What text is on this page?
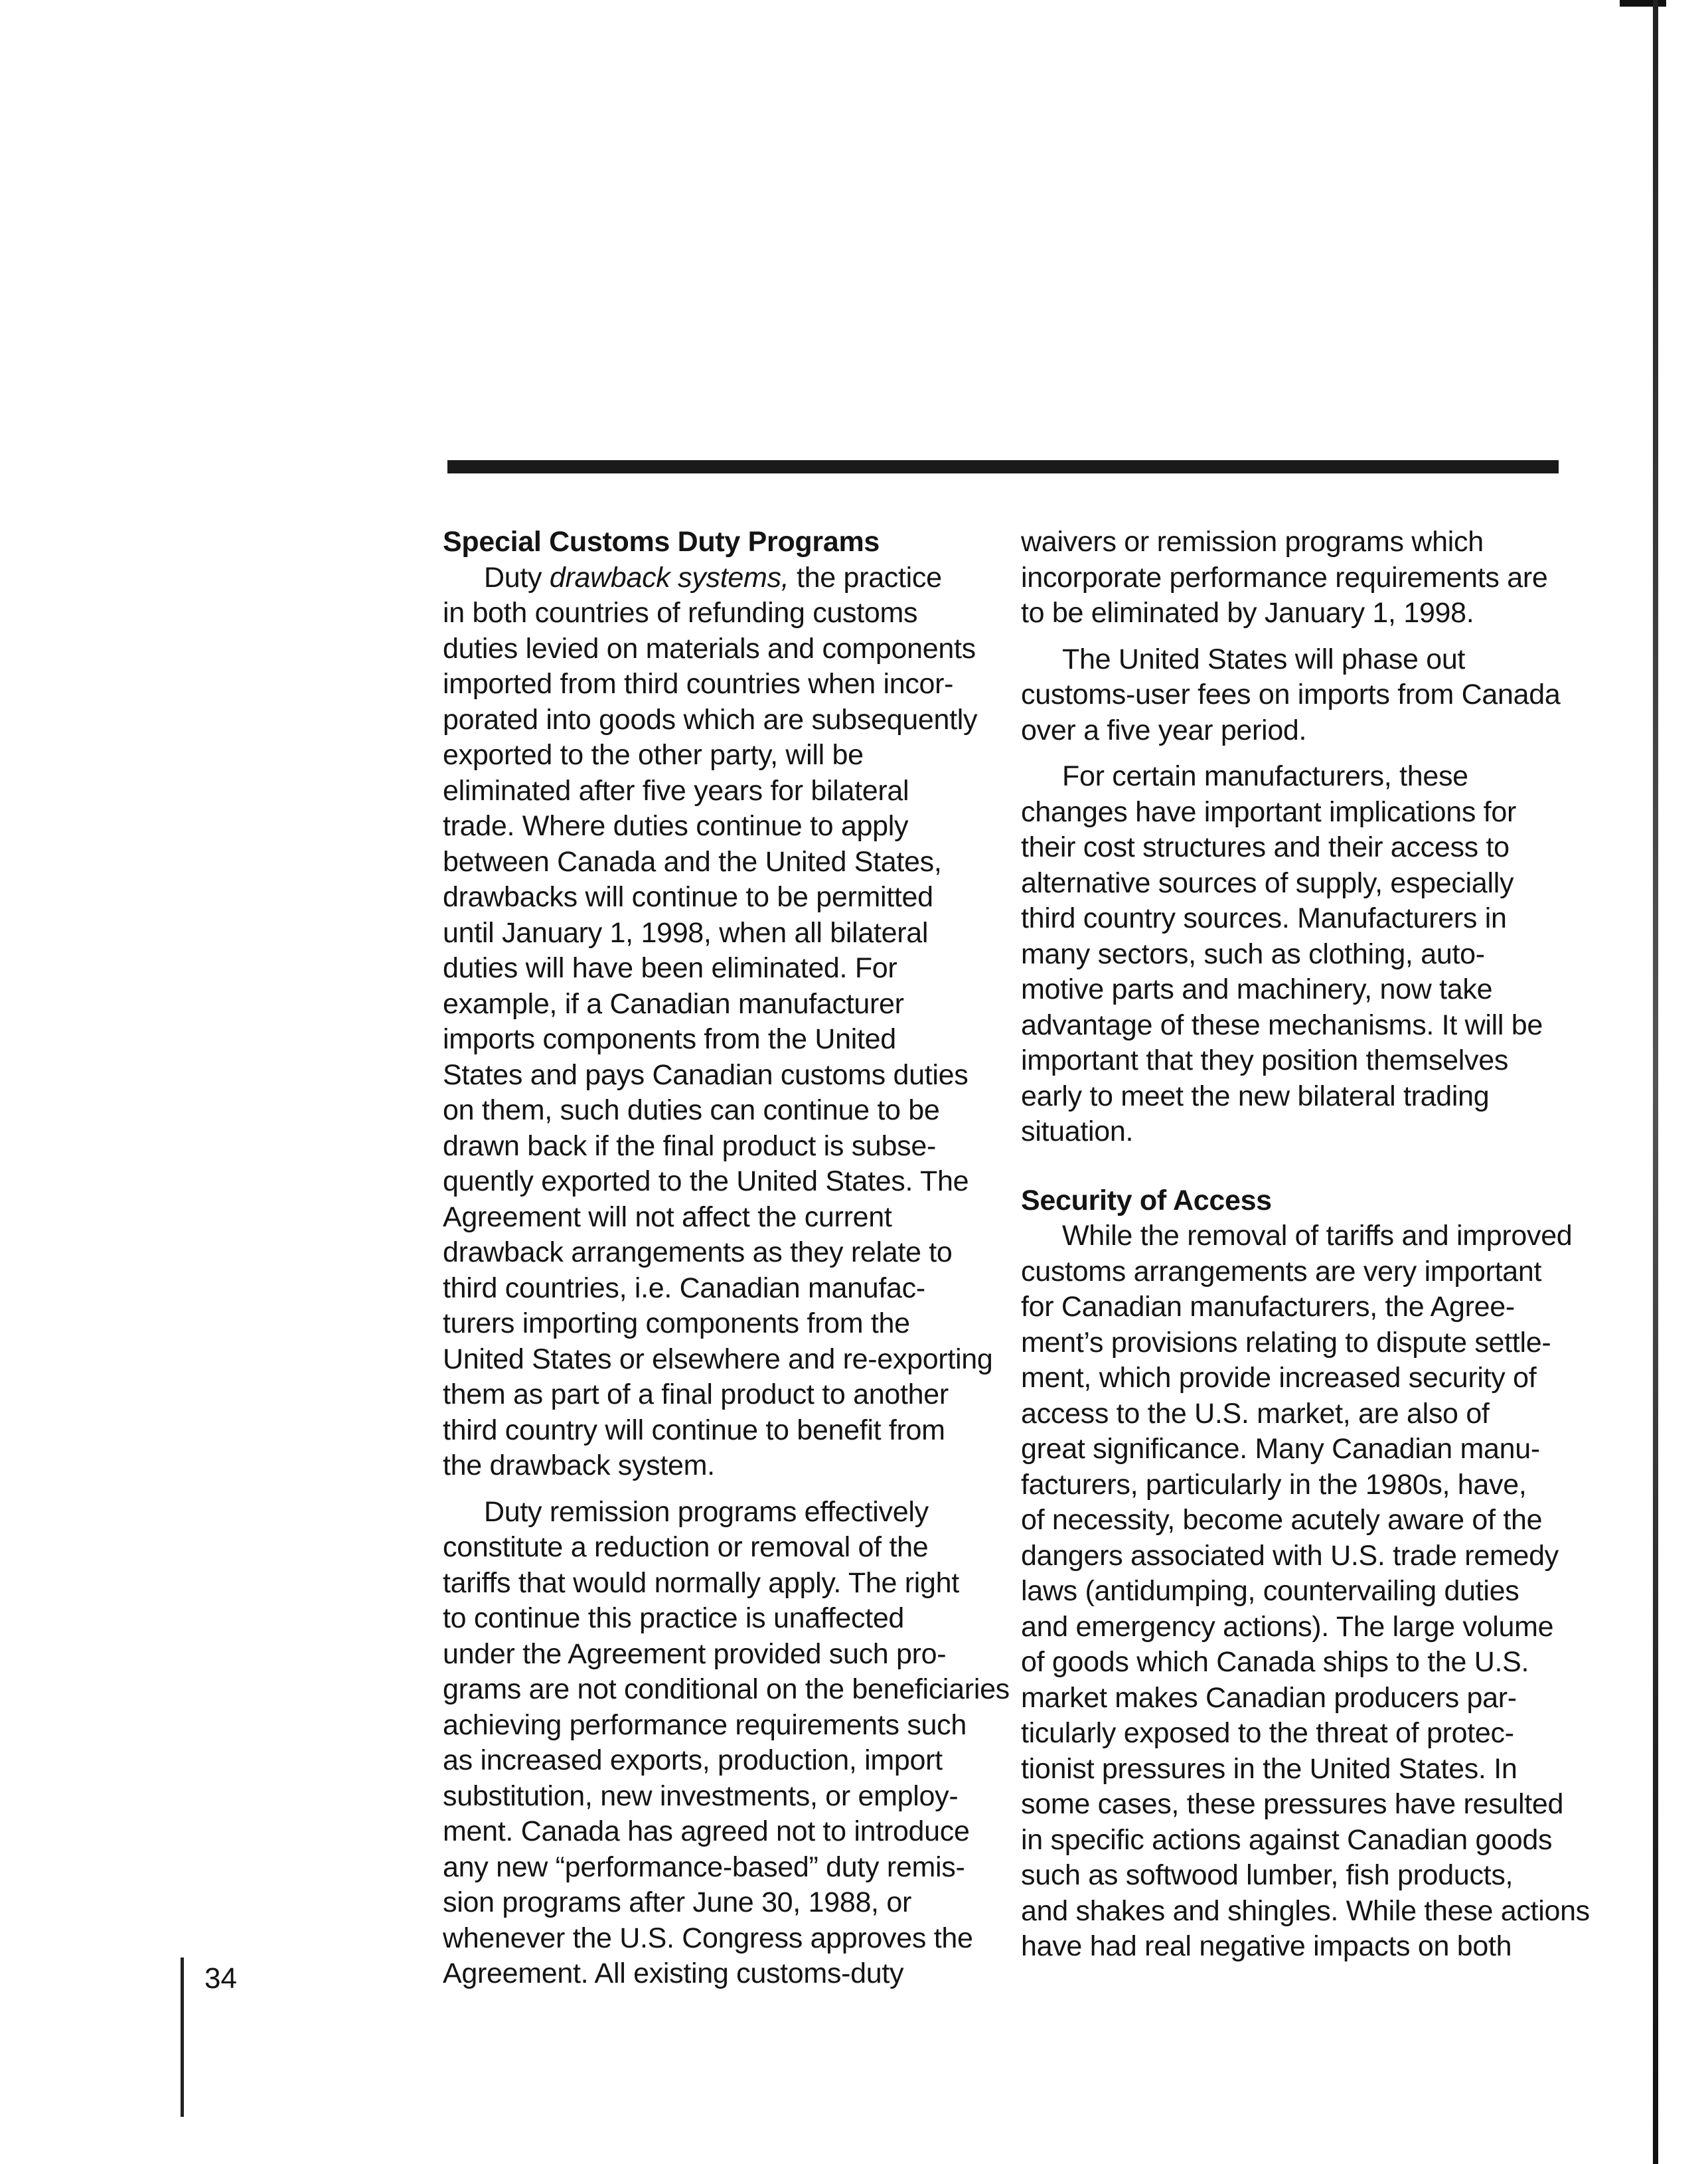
Special Customs Duty Programs

Duty drawback systems, the practice
in both countries of refunding customs
duties levied on materials and components
imported from third countries when incor-
porated into goods which are subsequently
exported to the other party, will be
eliminated after five years for bilateral
trade. Where duties continue to apply
between Canada and the United States,
drawbacks will continue to be permitted
until January 1, 1998, when all bilateral
duties will have been eliminated. For
example, if a Canadian manufacturer
imports components from the United
States and pays Canadian customs duties
on them, such duties can continue to be
drawn back if the final product is subse-
quently exported to the United States. The
Agreement will not affect the current
drawback arrangements as they relate to
third countries, i.e. Canadian manufac-
turers importing components from the
United States or elsewhere and re-exporting
them as part of a final product to another
third country will continue to benefit from
the drawback system.

Duty remission programs effectively
constitute a reduction or removal of the
tariffs that would normally apply. The right
to continue this practice is unaffected
under the Agreement provided such pro-
grams are not conditional on the beneficiaries
achieving performance requirements such
as increased exports, production, import
substitution, new investments, or employ-
ment. Canada has agreed not to introduce
any new “performance-based” duty remis-
sion programs after June 30, 1988, or
whenever the U.S. Congress approves the
Agreement. All existing customs-duty

waivers or remission programs which
incorporate performance requirements are
to be eliminated by January 1, 1998.

The United States will phase out
customs-user fees on imports from Canada
over a five year period.

For certain manufacturers, these
changes have important implications for
their cost structures and their access to
alternative sources of supply, especially
third country sources. Manufacturers in
many sectors, such as clothing, auto-
motive parts and machinery, now take
advantage of these mechanisms. It will be
important that they position themselves
early to meet the new bilateral trading
situation.

Security of Access

While the removal of tariffs and improved
customs arrangements are very important
for Canadian manufacturers, the Agree-
ment’s provisions relating to dispute settle-
ment, which provide increased security of
access to the U.S. market, are also of
great significance. Many Canadian manu-
facturers, particularly in the 1980s, have,
of necessity, become acutely aware of the
dangers associated with U.S. trade remedy
laws (antidumping, countervailing duties
and emergency actions). The large volume
of goods which Canada ships to the U.S.
market makes Canadian producers par-
ticularly exposed to the threat of protec-
tionist pressures in the United States. In
some cases, these pressures have resulted
in specific actions against Canadian goods
such as softwood lumber, fish products,
and shakes and shingles. While these actions
have had real negative impacts on both

34
